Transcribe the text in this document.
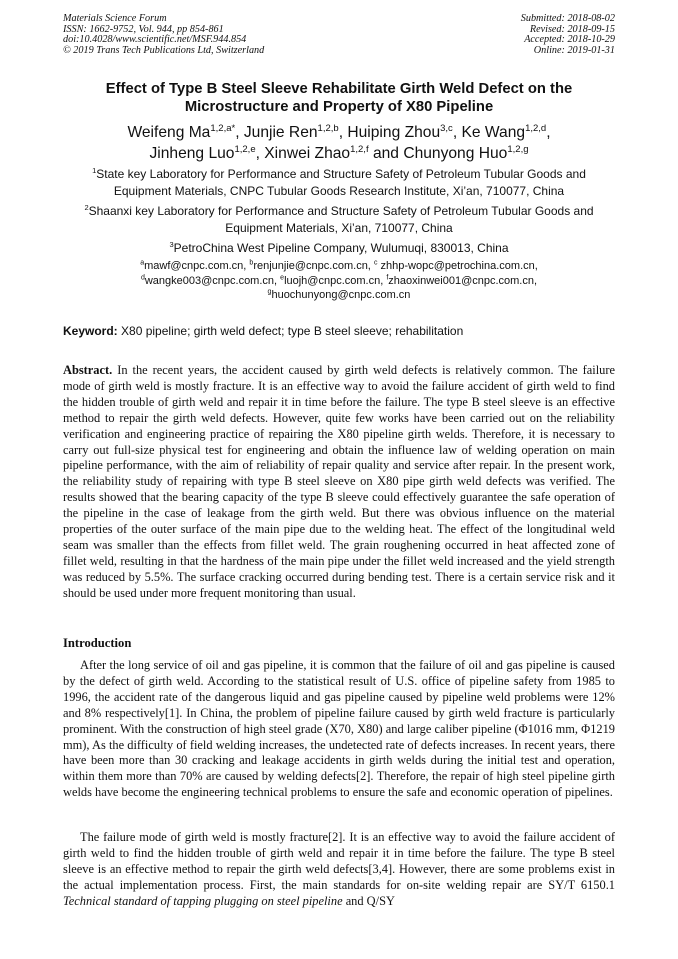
Materials Science Forum
ISSN: 1662-9752, Vol. 944, pp 854-861
doi:10.4028/www.scientific.net/MSF.944.854
© 2019 Trans Tech Publications Ltd, Switzerland
Submitted: 2018-08-02
Revised: 2018-09-15
Accepted: 2018-10-29
Online: 2019-01-31
Effect of Type B Steel Sleeve Rehabilitate Girth Weld Defect on the
Microstructure and Property of X80 Pipeline
Weifeng $Ma^{1,2,a*}$, Junjie Ren$^{1,2,b}$, Huiping Zhou$^{3,c}$, Ke Wang$^{1,2,d}$,
Jinheng Luo$^{1,2,e}$, Xinwei Zhao$^{1,2,f}$ and Chunyong Huo$^{1,2,g}$
$^1$State key Laboratory for Performance and Structure Safety of Petroleum Tubular Goods and
Equipment Materials, CNPC Tubular Goods Research Institute, Xi’an, 710077, China
$^2$Shaanxi key Laboratory for Performance and Structure Safety of Petroleum Tubular Goods and
Equipment Materials, Xi’an, 710077, China
$^3$PetroChina West Pipeline Company, Wulumuqi, 830013, China
$^a$mawf@cnpc.com.cn, $^b$renjunjie@cnpc.com.cn, $^c$ zhhp-wopc@petrochina.com.cn,
$^d$wangke003@cnpc.com.cn, $^e$luojh@cnpc.com.cn, $^f$zhaoxinwei001@cnpc.com.cn,
$^g$huochunyong@cnpc.com.cn
Keyword: X80 pipeline; girth weld defect; type B steel sleeve; rehabilitation
Abstract. In the recent years, the accident caused by girth weld defects is relatively common. The failure mode of girth weld is mostly fracture. It is an effective way to avoid the failure accident of girth weld to find the hidden trouble of girth weld and repair it in time before the failure. The type B steel sleeve is an effective method to repair the girth weld defects. However, quite few works have been carried out on the reliability verification and engineering practice of repairing the X80 pipeline girth welds. Therefore, it is necessary to carry out full-size physical test for engineering and obtain the influence law of welding operation on main pipeline performance, with the aim of reliability of repair quality and service after repair. In the present work, the reliability study of repairing with type B steel sleeve on X80 pipe girth weld defects was verified. The results showed that the bearing capacity of the type B sleeve could effectively guarantee the safe operation of the pipeline in the case of leakage from the girth weld. But there was obvious influence on the material properties of the outer surface of the main pipe due to the welding heat. The effect of the longitudinal weld seam was smaller than the effects from fillet weld. The grain roughening occurred in heat affected zone of fillet weld, resulting in that the hardness of the main pipe under the fillet weld increased and the yield strength was reduced by 5.5%. The surface cracking occurred during bending test. There is a certain service risk and it should be used under more frequent monitoring than usual.
Introduction
After the long service of oil and gas pipeline, it is common that the failure of oil and gas pipeline is caused by the defect of girth weld. According to the statistical result of U.S. office of pipeline safety from 1985 to 1996, the accident rate of the dangerous liquid and gas pipeline caused by pipeline weld problems were 12% and 8% respectively[1]. In China, the problem of pipeline failure caused by girth weld fracture is particularly prominent. With the construction of high steel grade (X70, X80) and large caliber pipeline (Φ1016 mm, Φ1219 mm), As the difficulty of field welding increases, the undetected rate of defects increases. In recent years, there have been more than 30 cracking and leakage accidents in girth welds during the initial test and operation, within them more than 70% are caused by welding defects[2]. Therefore, the repair of high steel pipeline girth welds have become the engineering technical problems to ensure the safe and economic operation of pipelines.
The failure mode of girth weld is mostly fracture[2]. It is an effective way to avoid the failure accident of girth weld to find the hidden trouble of girth weld and repair it in time before the failure. The type B steel sleeve is an effective method to repair the girth weld defects[3,4]. However, there are some problems exist in the actual implementation process. First, the main standards for on-site welding repair are SY/T 6150.1 Technical standard of tapping plugging on steel pipeline and Q/SY
